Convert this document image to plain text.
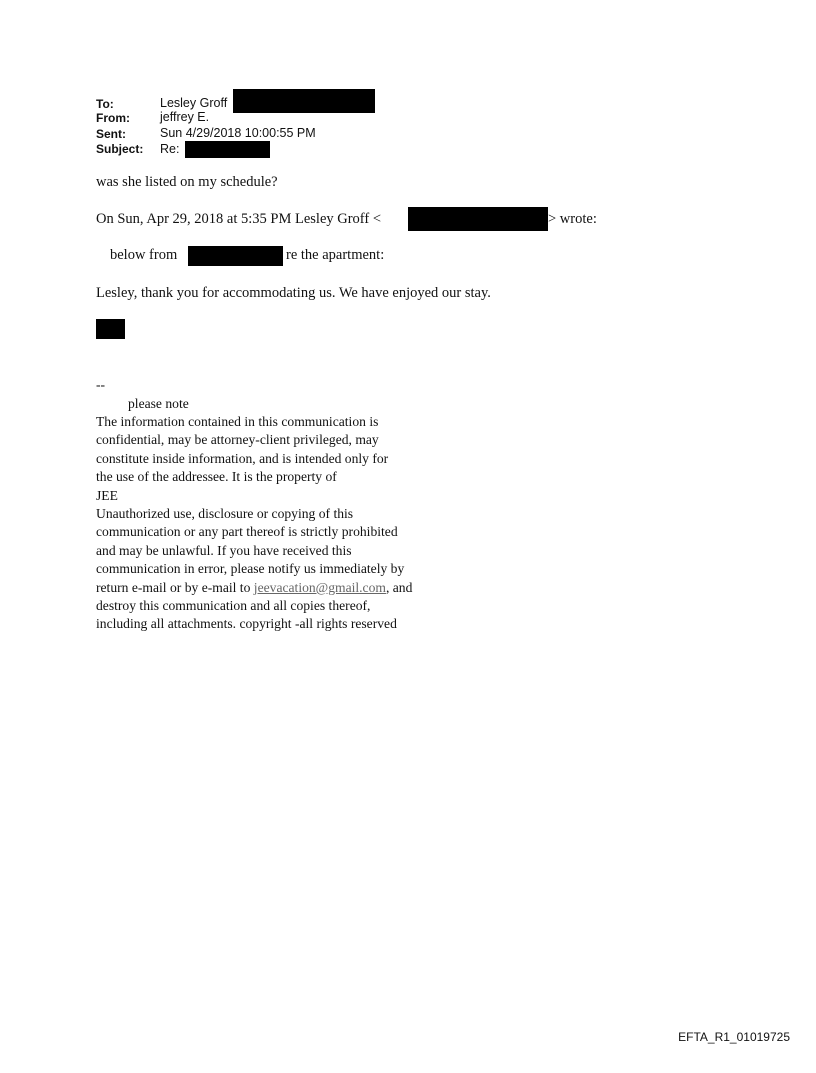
To:	Lesley Groff
From: jeffrey E.
Sent:	Sun 4/29/2018 10:00:55 PM
Subject: Re:
was she listed on my schedule?
On Sun, Apr 29, 2018 at 5:35 PM Lesley Groff <	> wrote:
below from	re the apartment:
Lesley, thank you for accommodating us. We have enjoyed our stay.
--
please note
The information contained in this communication is
confidential, may be attorney-client privileged, may
constitute inside information, and is intended only for
the use of the addressee. It is the property of
JEE
Unauthorized use, disclosure or copying of this
communication or any part thereof is strictly prohibited
and may be unlawful. If you have received this
communication in error, please notify us immediately by
return e-mail or by e-mail to jeevacation@gmail.com, and
destroy this communication and all copies thereof,
including all attachments. copyright -all rights reserved
EFTA_R1_01019725
